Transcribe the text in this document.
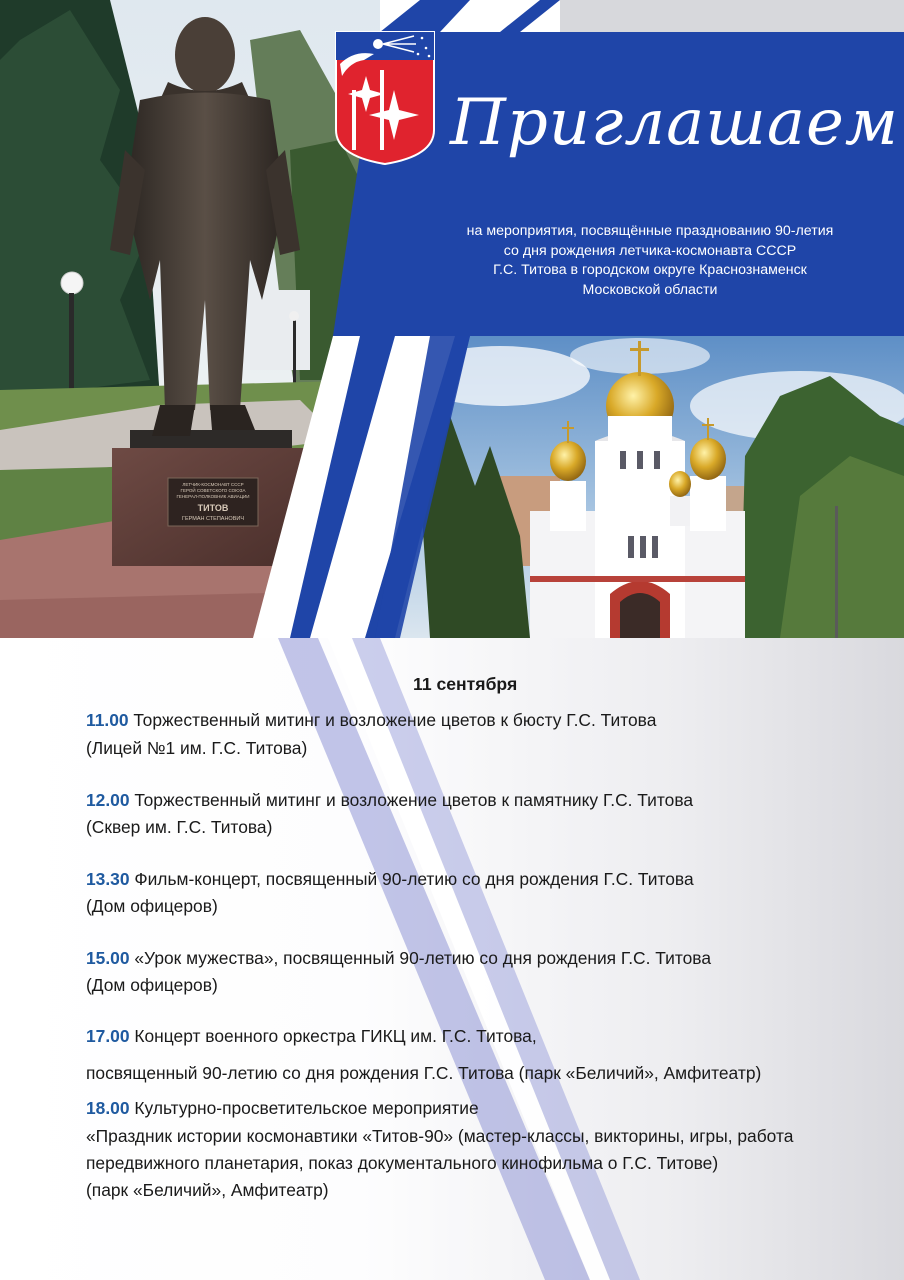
ЛЕТЧИК-КОСМОНАВТ СССР
ГЕРОЙ СОВЕТСКОГО СОЮЗА
ГЕНЕРАЛ-ПОЛКОВНИК АВИАЦИИ
ТИТОВ
ГЕРМАН СТЕПАНОВИЧ
Приглашаем
на мероприятия, посвящённые празднованию 90-летия
со дня рождения летчика-космонавта СССР
Г.С. Титова в городском округе Краснознаменск
Московской области
11 сентября
11.00 Торжественный митинг и возложение цветов к бюсту Г.С. Титова
(Лицей №1 им. Г.С. Титова)
12.00 Торжественный митинг и возложение цветов к памятнику Г.С. Титова
(Сквер им. Г.С. Титова)
13.30 Фильм-концерт, посвященный 90-летию со дня рождения Г.С. Титова
(Дом офицеров)
15.00 «Урок мужества», посвященный 90-летию со дня рождения Г.С. Титова
(Дом офицеров)
17.00 Концерт военного оркестра ГИКЦ им. Г.С. Титова,
посвященный 90-летию со дня рождения Г.С. Титова (парк «Беличий», Амфитеатр)
18.00 Культурно-просветительское мероприятие
«Праздник истории космонавтики «Титов-90» (мастер-классы, викторины, игры, работа
передвижного планетария, показ документального кинофильма о Г.С. Титове)
(парк «Беличий», Амфитеатр)
